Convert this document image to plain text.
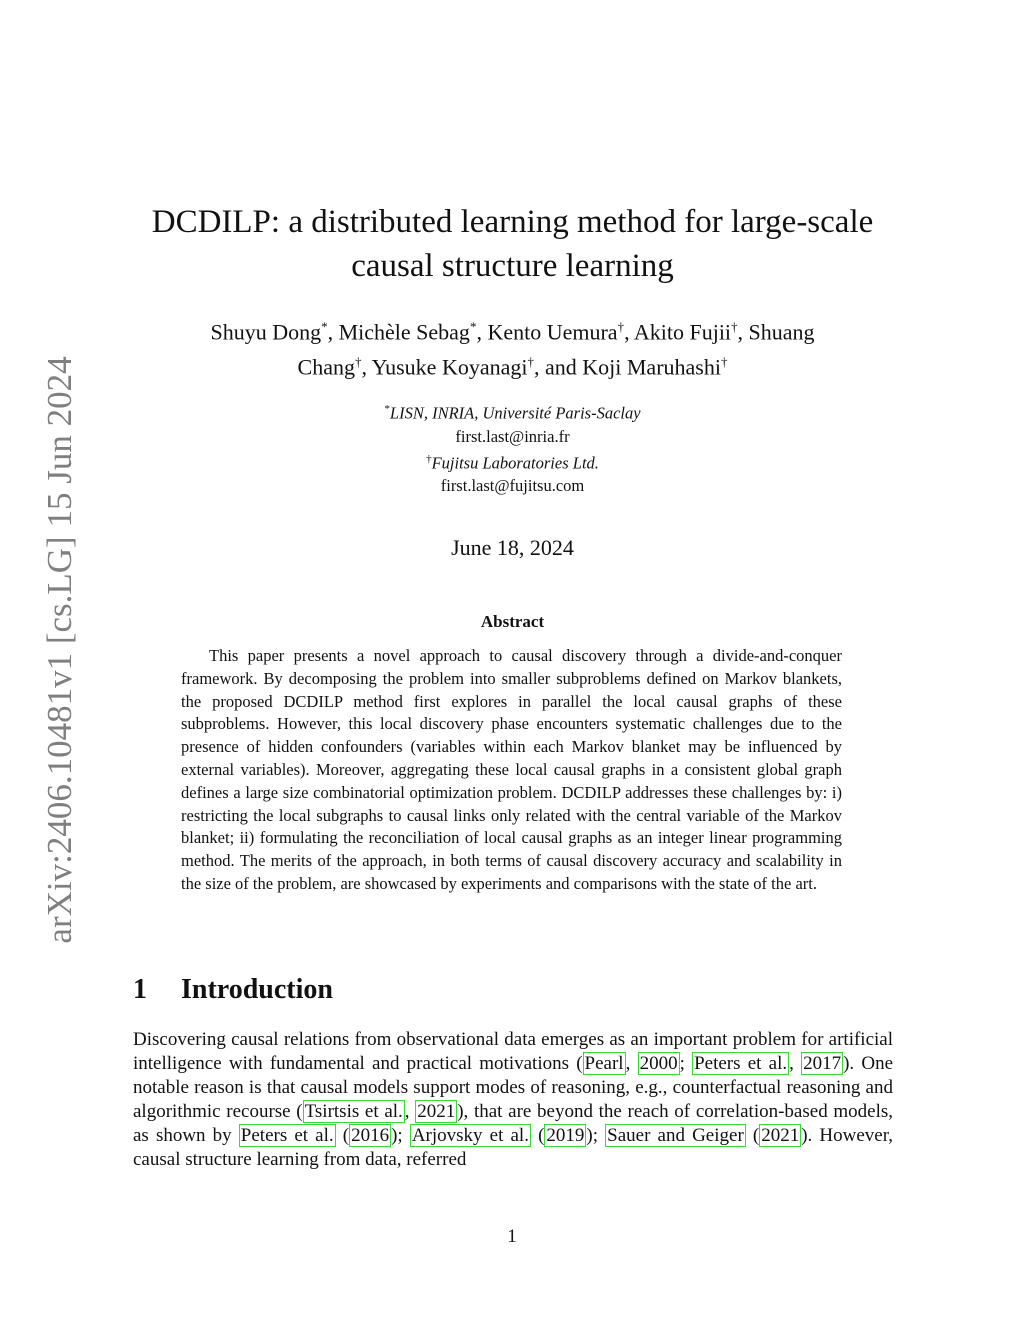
arXiv:2406.10481v1 [cs.LG] 15 Jun 2024
DCDILP: a distributed learning method for large-scale
causal structure learning
Shuyu Dong*, Michèle Sebag*, Kento Uemura†, Akito Fujii†, Shuang
Chang†, Yusuke Koyanagi†, and Koji Maruhashi†
*LISN, INRIA, Université Paris-Saclay
first.last@inria.fr
†Fujitsu Laboratories Ltd.
first.last@fujitsu.com
June 18, 2024
Abstract
This paper presents a novel approach to causal discovery through a divide-and-conquer framework. By decomposing the problem into smaller subproblems defined on Markov blankets, the proposed DCDILP method first explores in parallel the local causal graphs of these subproblems. However, this local discovery phase encounters systematic challenges due to the presence of hidden confounders (variables within each Markov blanket may be influenced by external variables). Moreover, aggregating these local causal graphs in a consistent global graph defines a large size combinatorial optimization problem. DCDILP addresses these challenges by: i) restricting the local subgraphs to causal links only related with the central variable of the Markov blanket; ii) formulating the reconciliation of local causal graphs as an integer linear programming method. The merits of the approach, in both terms of causal discovery accuracy and scalability in the size of the problem, are showcased by experiments and comparisons with the state of the art.
1 Introduction
Discovering causal relations from observational data emerges as an important problem for artificial intelligence with fundamental and practical motivations ( Pearl , 2000 ; Peters et al. , 2017 ). One notable reason is that causal models support modes of reasoning, e.g., counterfactual reasoning and algorithmic recourse ( Tsirtsis et al. , 2021 ), that are beyond the reach of correlation-based models, as shown by Peters et al. ( 2016 ); Arjovsky et al. ( 2019 ); Sauer and Geiger ( 2021 ). However, causal structure learning from data, referred
1
